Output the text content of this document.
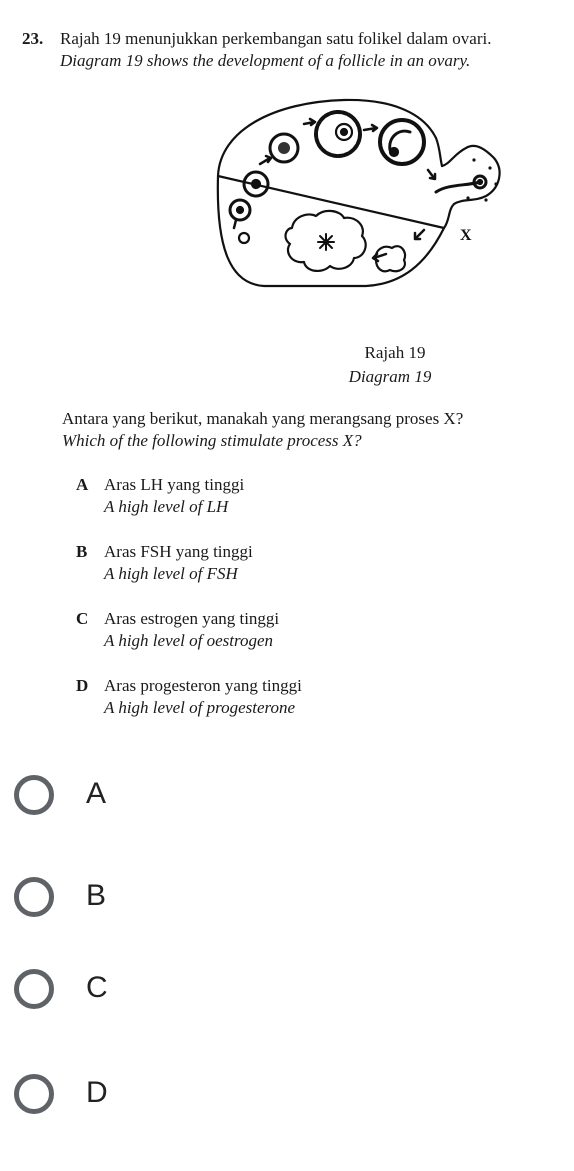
23. Rajah 19 menunjukkan perkembangan satu folikel dalam ovari.
Diagram 19 shows the development of a follicle in an ovary.
X
Rajah 19
Diagram 19
Antara yang berikut, manakah yang merangsang proses X?
Which of the following stimulate process X?
A Aras LH yang tinggi
A high level of LH
B Aras FSH yang tinggi
A high level of FSH
C Aras estrogen yang tinggi
A high level of oestrogen
D Aras progesteron yang tinggi
A high level of progesterone
A
B
C
D
